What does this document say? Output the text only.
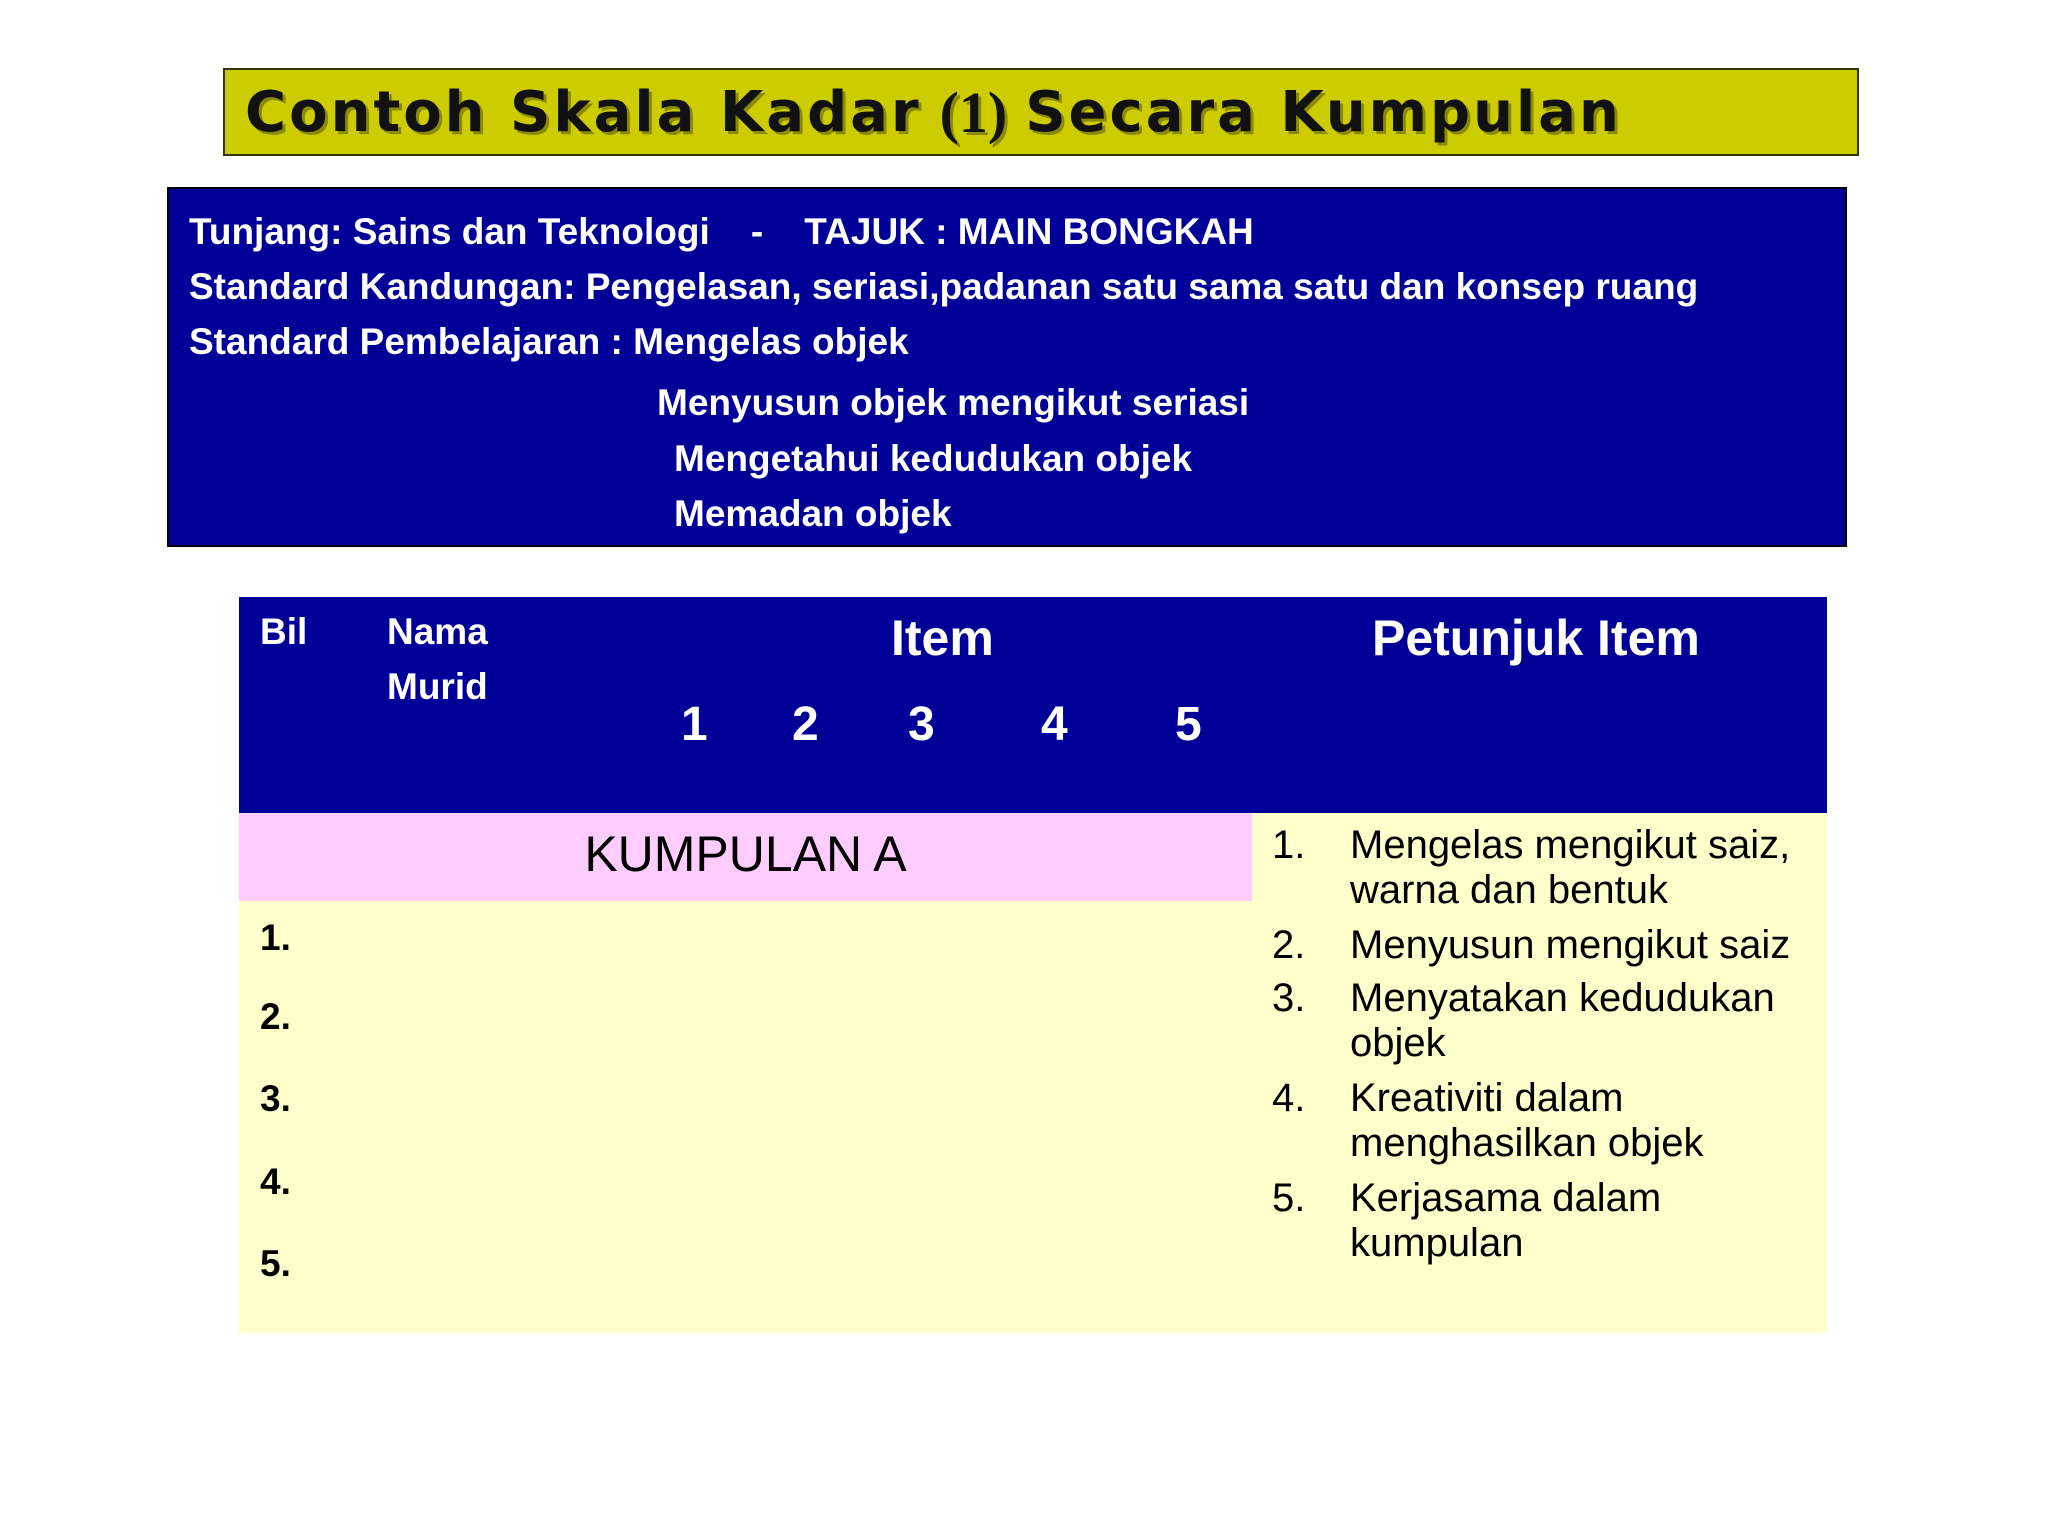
Contoh Skala Kadar (1) Secara Kumpulan
Tunjang: Sains dan Teknologi    -    TAJUK : MAIN BONGKAH
Standard Kandungan: Pengelasan, seriasi,padanan satu sama satu dan konsep ruang
Standard Pembelajaran : Mengelas objek
Menyusun objek mengikut seriasi
Mengetahui kedudukan objek
Memadan objek
Bil Nama
Murid
Item	Petunjuk Item
1 2 3 4 5
KUMPULAN A
1.
2.
3.
4.
5.
1.	Mengelas mengikut saiz, warna dan bentuk
2.	Menyusun mengikut saiz
3.	Menyatakan kedudukan objek
4.	Kreativiti dalam menghasilkan objek
5.	Kerjasama dalam kumpulan
